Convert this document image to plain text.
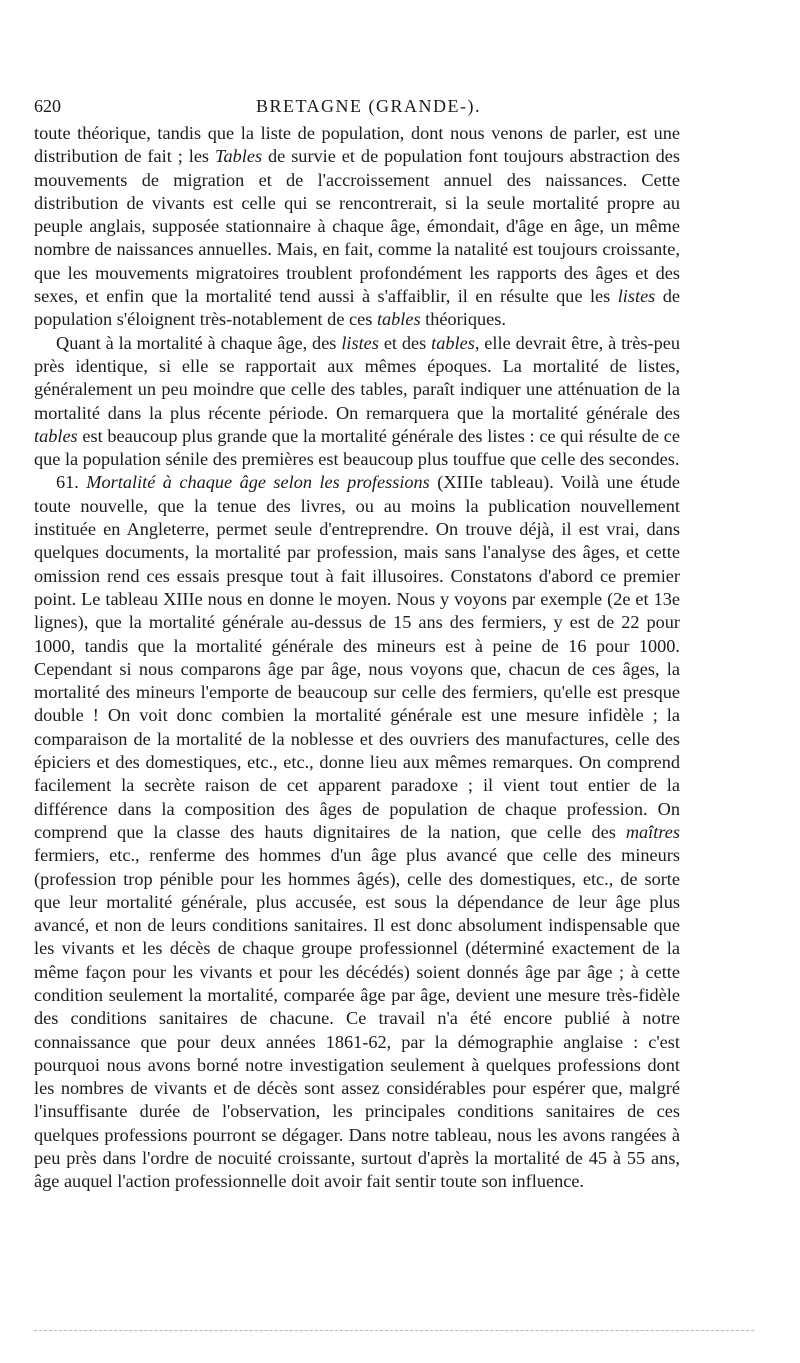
620	BRETAGNE (GRANDE-).

toute théorique, tandis que la liste de population, dont nous venons de parler, est une distribution de fait ; les Tables de survie et de population font toujours abstraction des mouvements de migration et de l'accroissement annuel des naissances. Cette distribution de vivants est celle qui se rencontrerait, si la seule mortalité propre au peuple anglais, supposée stationnaire à chaque âge, émondait, d'âge en âge, un même nombre de naissances annuelles. Mais, en fait, comme la natalité est toujours croissante, que les mouvements migratoires troublent profondément les rapports des âges et des sexes, et enfin que la mortalité tend aussi à s'affaiblir, il en résulte que les listes de population s'éloignent très-notablement de ces tables théoriques.

Quant à la mortalité à chaque âge, des listes et des tables, elle devrait être, à très-peu près identique, si elle se rapportait aux mêmes époques. La mortalité de listes, généralement un peu moindre que celle des tables, paraît indiquer une atténuation de la mortalité dans la plus récente période. On remarquera que la mortalité générale des tables est beaucoup plus grande que la mortalité générale des listes : ce qui résulte de ce que la population sénile des premières est beaucoup plus touffue que celle des secondes.

61. Mortalité à chaque âge selon les professions (XIIIe tableau). Voilà une étude toute nouvelle, que la tenue des livres, ou au moins la publication nouvellement instituée en Angleterre, permet seule d'entreprendre. On trouve déjà, il est vrai, dans quelques documents, la mortalité par profession, mais sans l'analyse des âges, et cette omission rend ces essais presque tout à fait illusoires. Constatons d'abord ce premier point. Le tableau XIIIe nous en donne le moyen. Nous y voyons par exemple (2e et 13e lignes), que la mortalité générale au-dessus de 15 ans des fermiers, y est de 22 pour 1000, tandis que la mortalité générale des mineurs est à peine de 16 pour 1000. Cependant si nous comparons âge par âge, nous voyons que, chacun de ces âges, la mortalité des mineurs l'emporte de beaucoup sur celle des fermiers, qu'elle est presque double ! On voit donc combien la mortalité générale est une mesure infidèle ; la comparaison de la mortalité de la noblesse et des ouvriers des manufactures, celle des épiciers et des domestiques, etc., etc., donne lieu aux mêmes remarques. On comprend facilement la secrète raison de cet apparent paradoxe ; il vient tout entier de la différence dans la composition des âges de population de chaque profession. On comprend que la classe des hauts dignitaires de la nation, que celle des maîtres fermiers, etc., renferme des hommes d'un âge plus avancé que celle des mineurs (profession trop pénible pour les hommes âgés), celle des domestiques, etc., de sorte que leur mortalité générale, plus accusée, est sous la dépendance de leur âge plus avancé, et non de leurs conditions sanitaires. Il est donc absolument indispensable que les vivants et les décès de chaque groupe professionnel (déterminé exactement de la même façon pour les vivants et pour les décédés) soient donnés âge par âge ; à cette condition seulement la mortalité, comparée âge par âge, devient une mesure très-fidèle des conditions sanitaires de chacune. Ce travail n'a été encore publié à notre connaissance que pour deux années 1861-62, par la démographie anglaise : c'est pourquoi nous avons borné notre investigation seulement à quelques professions dont les nombres de vivants et de décès sont assez considérables pour espérer que, malgré l'insuffisante durée de l'observation, les principales conditions sanitaires de ces quelques professions pourront se dégager. Dans notre tableau, nous les avons rangées à peu près dans l'ordre de nocuité croissante, surtout d'après la mortalité de 45 à 55 ans, âge auquel l'action professionnelle doit avoir fait sentir toute son influence.
